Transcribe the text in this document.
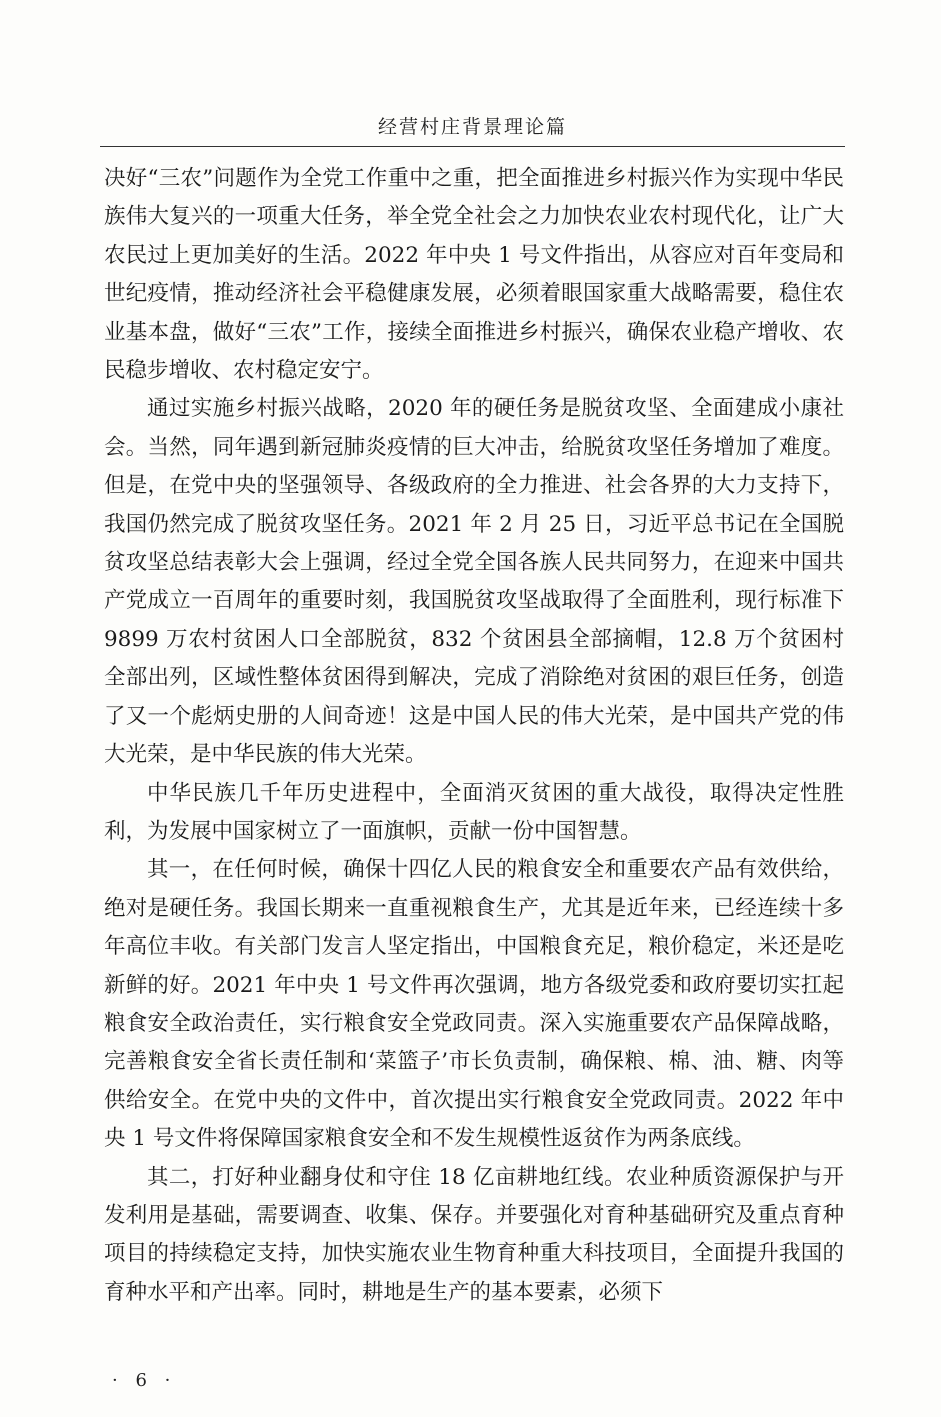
经营村庄背景理论篇

决好“三农”问题作为全党工作重中之重，把全面推进乡村振兴作为实现中华民族伟大复兴的一项重大任务，举全党全社会之力加快农业农村现代化，让广大农民过上更加美好的生活。2022 年中央 1 号文件指出，从容应对百年变局和世纪疫情，推动经济社会平稳健康发展，必须着眼国家重大战略需要，稳住农业基本盘，做好“三农”工作，接续全面推进乡村振兴，确保农业稳产增收、农民稳步增收、农村稳定安宁。

通过实施乡村振兴战略，2020 年的硬任务是脱贫攻坚、全面建成小康社会。当然，同年遇到新冠肺炎疫情的巨大冲击，给脱贫攻坚任务增加了难度。但是，在党中央的坚强领导、各级政府的全力推进、社会各界的大力支持下，我国仍然完成了脱贫攻坚任务。2021 年 2 月 25 日，习近平总书记在全国脱贫攻坚总结表彰大会上强调，经过全党全国各族人民共同努力，在迎来中国共产党成立一百周年的重要时刻，我国脱贫攻坚战取得了全面胜利，现行标准下 9899 万农村贫困人口全部脱贫，832 个贫困县全部摘帽，12.8 万个贫困村全部出列，区域性整体贫困得到解决，完成了消除绝对贫困的艰巨任务，创造了又一个彪炳史册的人间奇迹！这是中国人民的伟大光荣，是中国共产党的伟大光荣，是中华民族的伟大光荣。

中华民族几千年历史进程中，全面消灭贫困的重大战役，取得决定性胜利，为发展中国家树立了一面旗帜，贡献一份中国智慧。

其一，在任何时候，确保十四亿人民的粮食安全和重要农产品有效供给，绝对是硬任务。我国长期来一直重视粮食生产，尤其是近年来，已经连续十多年高位丰收。有关部门发言人坚定指出，中国粮食充足，粮价稳定，米还是吃新鲜的好。2021 年中央 1 号文件再次强调，地方各级党委和政府要切实扛起粮食安全政治责任，实行粮食安全党政同责。深入实施重要农产品保障战略，完善粮食安全省长责任制和‘菜篮子’市长负责制，确保粮、棉、油、糖、肉等供给安全。在党中央的文件中，首次提出实行粮食安全党政同责。2022 年中央 1 号文件将保障国家粮食安全和不发生规模性返贫作为两条底线。

其二，打好种业翻身仗和守住 18 亿亩耕地红线。农业种质资源保护与开发利用是基础，需要调查、收集、保存。并要强化对育种基础研究及重点育种项目的持续稳定支持，加快实施农业生物育种重大科技项目，全面提升我国的育种水平和产出率。同时，耕地是生产的基本要素，必须下

· 6 ·
